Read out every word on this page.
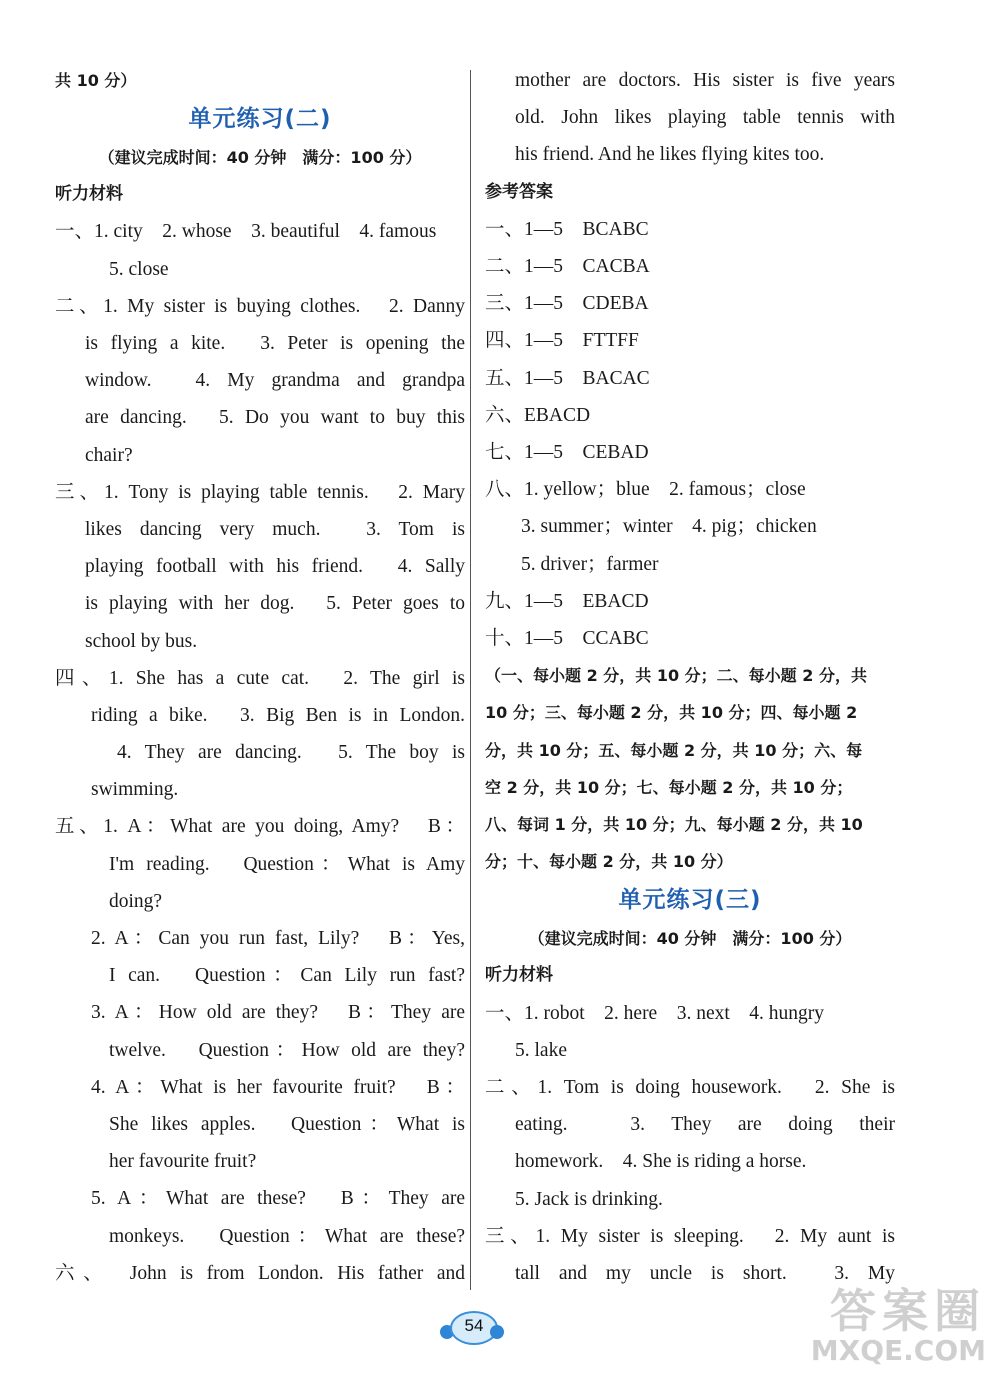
共 10 分）
单元练习(二)
（建议完成时间：40 分钟　满分：100 分）
听力材料
一、1. city　2. whose　3. beautiful　4. famous
5. close
二、1. My sister is buying clothes.　2. Danny
is flying a kite.　3. Peter is opening the
window.　4. My grandma and grandpa
are dancing.　5. Do you want to buy this
chair?
三、1. Tony is playing table tennis.　2. Mary
likes dancing very much.　3. Tom is
playing football with his friend.　4. Sally
is playing with her dog.　5. Peter goes to
school by bus.
四、1. She has a cute cat.　2. The girl is
riding a bike.　3. Big Ben is in London.
4. They are dancing.　5. The boy is
swimming.
五、1. A：What are you doing, Amy?　B：
I'm reading.　Question：What is Amy
doing?
2. A：Can you run fast, Lily?　B：Yes,
I can.　Question：Can Lily run fast?
3. A：How old are they?　B：They are
twelve.　Question：How old are they?
4. A：What is her favourite fruit?　B：
She likes apples.　Question：What is
her favourite fruit?
5. A：What are these?　B：They are
monkeys.　Question：What are these?
六、　John is from London. His father and
mother are doctors. His sister is five years
old. John likes playing table tennis with
his friend. And he likes flying kites too.
参考答案
一、1—5　BCABC
二、1—5　CACBA
三、1—5　CDEBA
四、1—5　FTTFF
五、1—5　BACAC
六、EBACD
七、1—5　CEBAD
八、1. yellow；blue　2. famous；close
3. summer；winter　4. pig；chicken
5. driver；farmer
九、1—5　EBACD
十、1—5　CCABC
（一、每小题 2 分，共 10 分；二、每小题 2 分，共
10 分；三、每小题 2 分，共 10 分；四、每小题 2
分，共 10 分；五、每小题 2 分，共 10 分；六、每
空 2 分，共 10 分；七、每小题 2 分，共 10 分；
八、每词 1 分，共 10 分；九、每小题 2 分，共 10
分；十、每小题 2 分，共 10 分）
单元练习(三)
（建议完成时间：40 分钟　满分：100 分）
听力材料
一、1. robot　2. here　3. next　4. hungry
5. lake
二、1. Tom is doing housework.　2. She is
eating.　3. They are doing their
homework.　4. She is riding a horse.
5. Jack is drinking.
三、1. My sister is sleeping.　2. My aunt is
tall and my uncle is short.　3. My
54	答案圈
MXQE.COM
